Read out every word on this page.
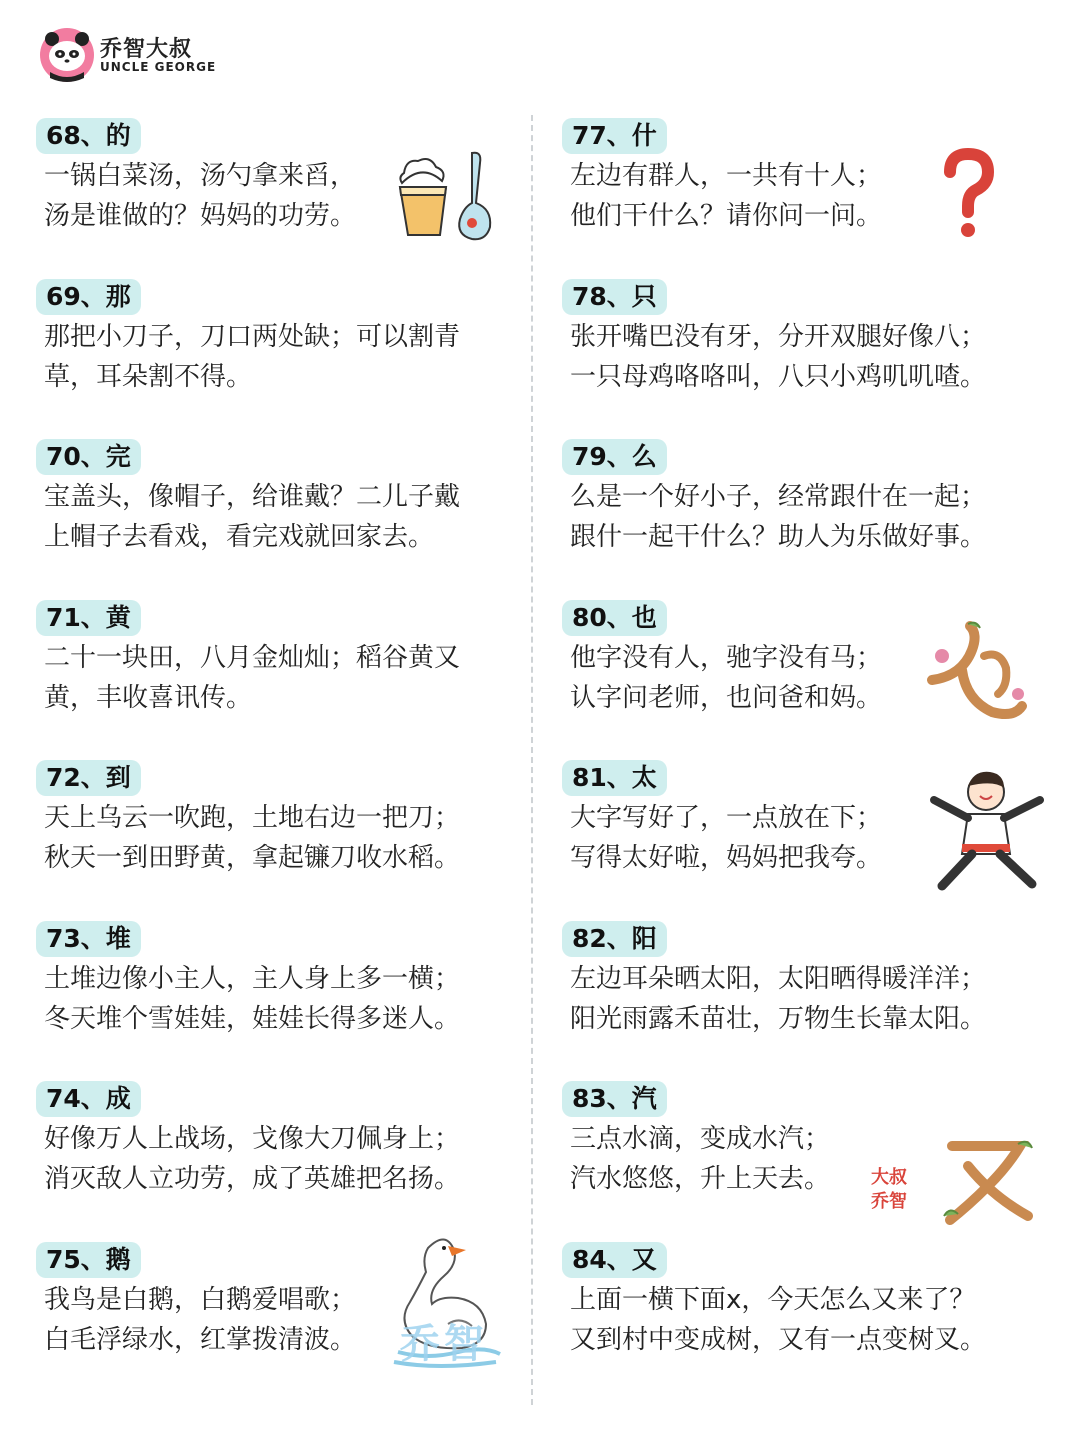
乔智大叔
UNCLE GEORGE
68、的
一锅白菜汤，汤勺拿来舀，
汤是谁做的？妈妈的功劳。
69、那
那把小刀子，刀口两处缺；可以割青
草，耳朵割不得。
70、完
宝盖头，像帽子，给谁戴？二儿子戴
上帽子去看戏，看完戏就回家去。
71、黄
二十一块田，八月金灿灿；稻谷黄又
黄，丰收喜讯传。
72、到
天上乌云一吹跑，土地右边一把刀；
秋天一到田野黄，拿起镰刀收水稻。
73、堆
土堆边像小主人，主人身上多一横；
冬天堆个雪娃娃，娃娃长得多迷人。
74、成
好像万人上战场，戈像大刀佩身上；
消灭敌人立功劳，成了英雄把名扬。
75、鹅
我鸟是白鹅，白鹅爱唱歌；
白毛浮绿水，红掌拨清波。
77、什
左边有群人，一共有十人；
他们干什么？请你问一问。
78、只
张开嘴巴没有牙，分开双腿好像八；
一只母鸡咯咯叫，八只小鸡叽叽喳。
79、么
么是一个好小子，经常跟什在一起；
跟什一起干什么？助人为乐做好事。
80、也
他字没有人，驰字没有马；
认字问老师，也问爸和妈。
81、太
大字写好了，一点放在下；
写得太好啦，妈妈把我夸。
82、阳
左边耳朵晒太阳，太阳晒得暖洋洋；
阳光雨露禾苗壮，万物生长靠太阳。
83、汽
三点水滴，变成水汽；
汽水悠悠，升上天去。
84、又
上面一横下面x，今天怎么又来了？
又到村中变成树，又有一点变树叉。
乔智
大叔乔智
